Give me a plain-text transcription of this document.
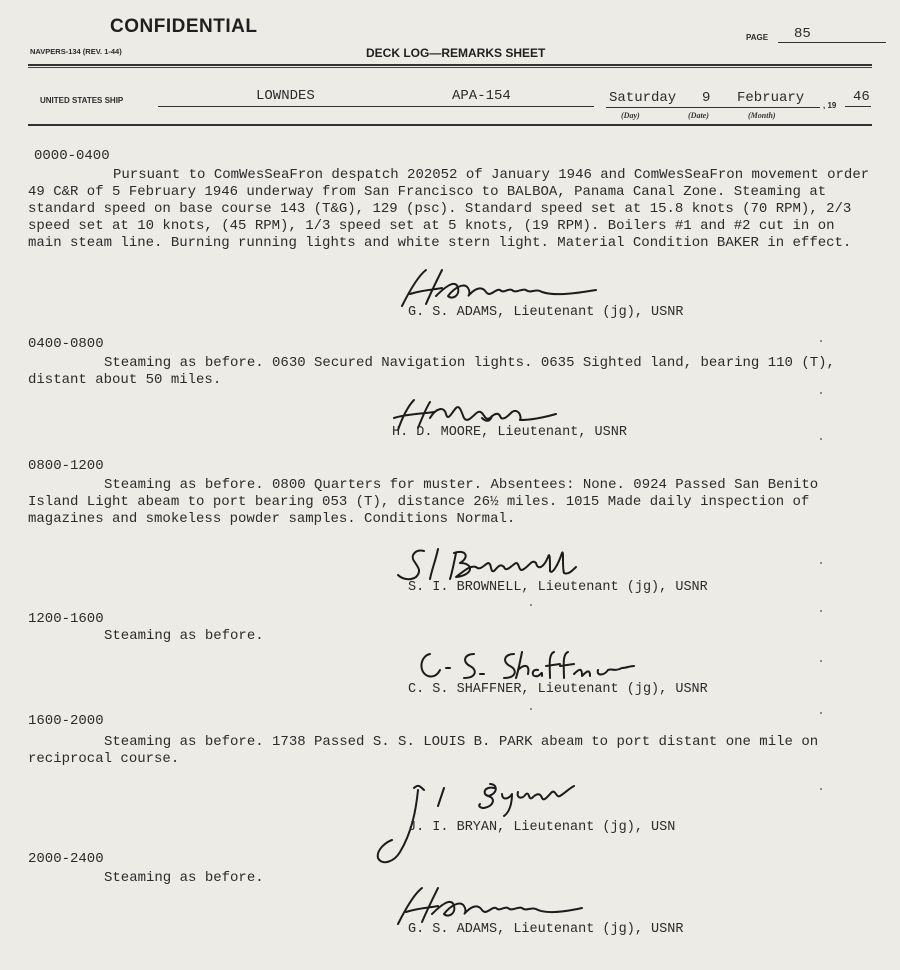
CONFIDENTIAL
NAVPERS-134 (REV. 1-44)	DECK LOG—REMARKS SHEET
PAGE	85
UNITED STATES SHIP	LOWNDES	APA-154	Saturday 9 February , 19
46
(Day)	(Date)	(Month)
0000-0400
Pursuant to ComWesSeaFron despatch 202052 of January 1946 and ComWesSeaFron movement order
49 C&R of 5 February 1946 underway from San Francisco to BALBOA, Panama Canal Zone. Steaming at
standard speed on base course 143 (T&G), 129 (psc). Standard speed set at 15.8 knots (70 RPM), 2/3
speed set at 10 knots, (45 RPM), 1/3 speed set at 5 knots, (19 RPM). Boilers #1 and #2 cut in on
main steam line. Burning running lights and white stern light. Material Condition BAKER in effect.
G. S. ADAMS, Lieutenant (jg), USNR
0400-0800
Steaming as before. 0630 Secured Navigation lights. 0635 Sighted land, bearing 110 (T),
distant about 50 miles.
H. D. MOORE, Lieutenant, USNR
0800-1200
Steaming as before. 0800 Quarters for muster. Absentees: None. 0924 Passed San Benito
Island Light abeam to port bearing 053 (T), distance 26½ miles. 1015 Made daily inspection of
magazines and smokeless powder samples. Conditions Normal.
S. I. BROWNELL, Lieutenant (jg), USNR
1200-1600
Steaming as before.
C. S. SHAFFNER, Lieutenant (jg), USNR
1600-2000
Steaming as before. 1738 Passed S. S. LOUIS B. PARK abeam to port distant one mile on
reciprocal course.
J. I. BRYAN, Lieutenant (jg), USN
2000-2400
Steaming as before.
G. S. ADAMS, Lieutenant (jg), USNR
